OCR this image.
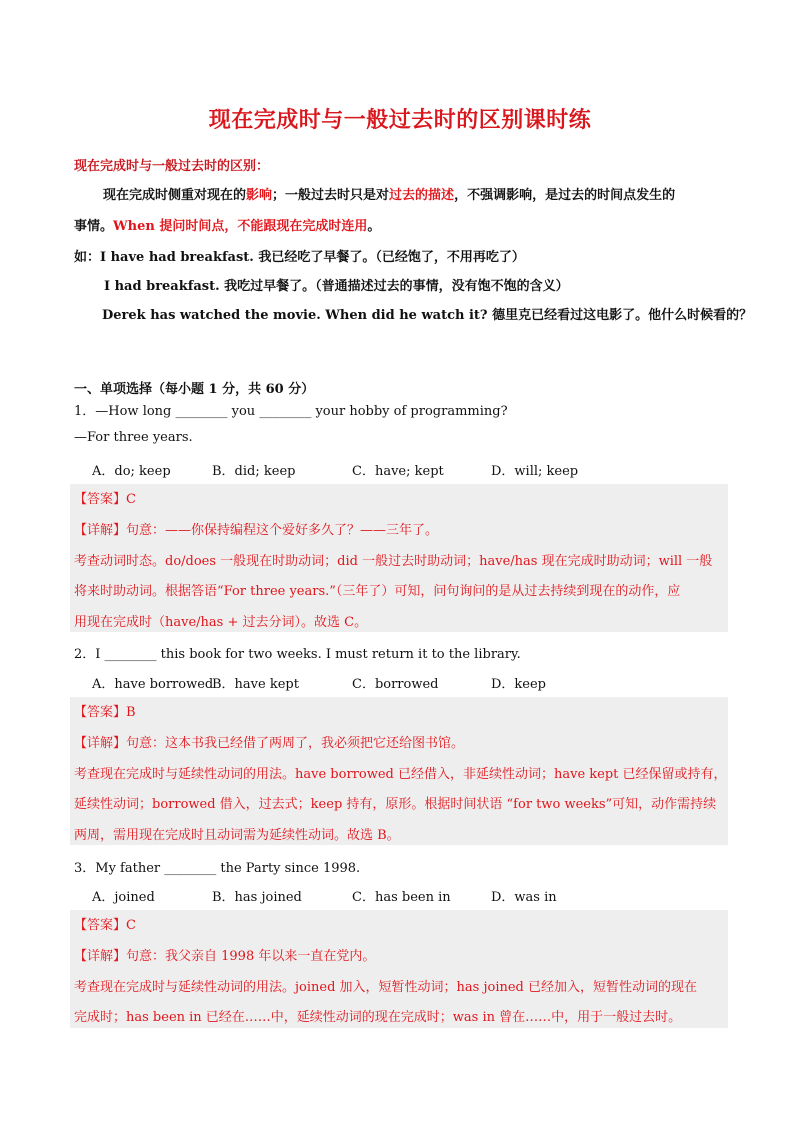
现在完成时与一般过去时的区别课时练
现在完成时与一般过去时的区别：
现在完成时侧重对现在的影响；一般过去时只是对过去的描述，不强调影响，是过去的时间点发生的
事情。When 提问时间点，不能跟现在完成时连用。
如：I have had breakfast. 我已经吃了早餐了。（已经饱了，不用再吃了）
I had breakfast. 我吃过早餐了。（普通描述过去的事情，没有饱不饱的含义）
Derek has watched the movie. When did he watch it? 德里克已经看过这电影了。他什么时候看的？
一、单项选择（每小题 1 分，共 60 分）
1．—How long ________ you ________ your hobby of programming?
—For three years.
A．do; keep	B．did; keep	C．have; kept	D．will; keep
【答案】C
【详解】句意：——你保持编程这个爱好多久了？——三年了。
考查动词时态。do/does 一般现在时助动词；did 一般过去时助动词；have/has 现在完成时助动词；will 一般
将来时助动词。根据答语“For three years.”（三年了）可知，问句询问的是从过去持续到现在的动作，应
用现在完成时（have/has + 过去分词）。故选 C。
2．I ________ this book for two weeks. I must return it to the library.
A．have borrowed
B．have kept	C．borrowed	D．keep
【答案】B
【详解】句意：这本书我已经借了两周了，我必须把它还给图书馆。
考查现在完成时与延续性动词的用法。have borrowed 已经借入，非延续性动词；have kept 已经保留或持有，
延续性动词；borrowed 借入，过去式；keep 持有，原形。根据时间状语 “for two weeks”可知，动作需持续
两周，需用现在完成时且动词需为延续性动词。故选 B。
3．My father ________ the Party since 1998.
A．joined	B．has joined	C．has been in	D．was in
【答案】C
【详解】句意：我父亲自 1998 年以来一直在党内。
考查现在完成时与延续性动词的用法。joined 加入，短暂性动词；has joined 已经加入，短暂性动词的现在
完成时；has been in 已经在……中，延续性动词的现在完成时；was in 曾在……中，用于一般过去时。
